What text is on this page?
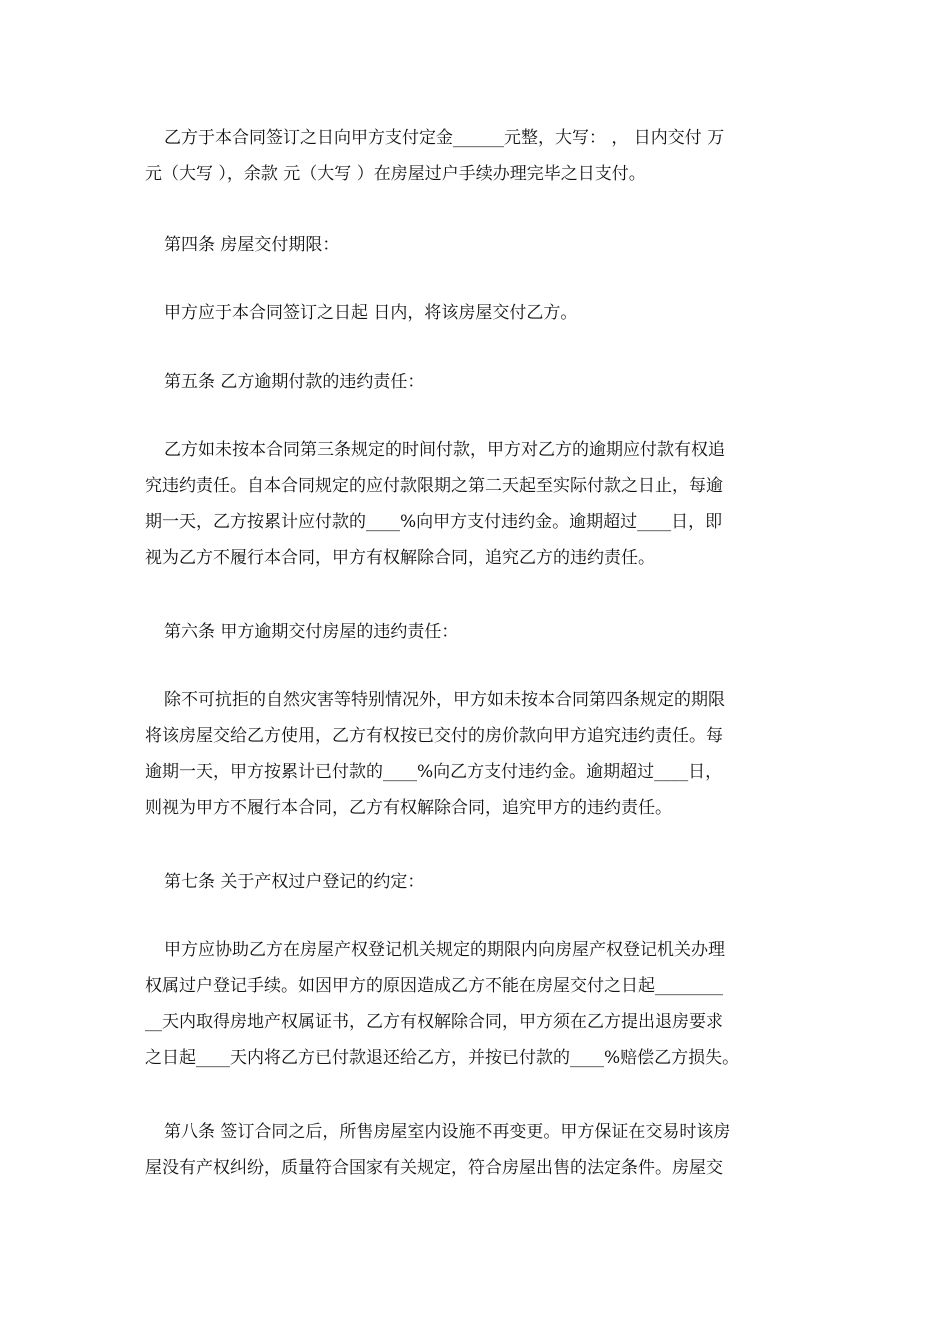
乙方于本合同签订之日向甲方支付定金______元整，大写： ， 日内交付 万
元（大写 ），余款 元（大写 ）在房屋过户手续办理完毕之日支付。
第四条 房屋交付期限：
甲方应于本合同签订之日起 日内，将该房屋交付乙方。
第五条 乙方逾期付款的违约责任：
乙方如未按本合同第三条规定的时间付款，甲方对乙方的逾期应付款有权追
究违约责任。自本合同规定的应付款限期之第二天起至实际付款之日止，每逾
期一天，乙方按累计应付款的____%向甲方支付违约金。逾期超过____日，即
视为乙方不履行本合同，甲方有权解除合同，追究乙方的违约责任。
第六条 甲方逾期交付房屋的违约责任：
除不可抗拒的自然灾害等特别情况外，甲方如未按本合同第四条规定的期限
将该房屋交给乙方使用，乙方有权按已交付的房价款向甲方追究违约责任。每
逾期一天，甲方按累计已付款的____%向乙方支付违约金。逾期超过____日，
则视为甲方不履行本合同，乙方有权解除合同，追究甲方的违约责任。
第七条 关于产权过户登记的约定：
甲方应协助乙方在房屋产权登记机关规定的期限内向房屋产权登记机关办理
权属过户登记手续。如因甲方的原因造成乙方不能在房屋交付之日起________
__天内取得房地产权属证书，乙方有权解除合同，甲方须在乙方提出退房要求
之日起____天内将乙方已付款退还给乙方，并按已付款的____%赔偿乙方损失。
第八条 签订合同之后，所售房屋室内设施不再变更。甲方保证在交易时该房
屋没有产权纠纷，质量符合国家有关规定，符合房屋出售的法定条件。房屋交
